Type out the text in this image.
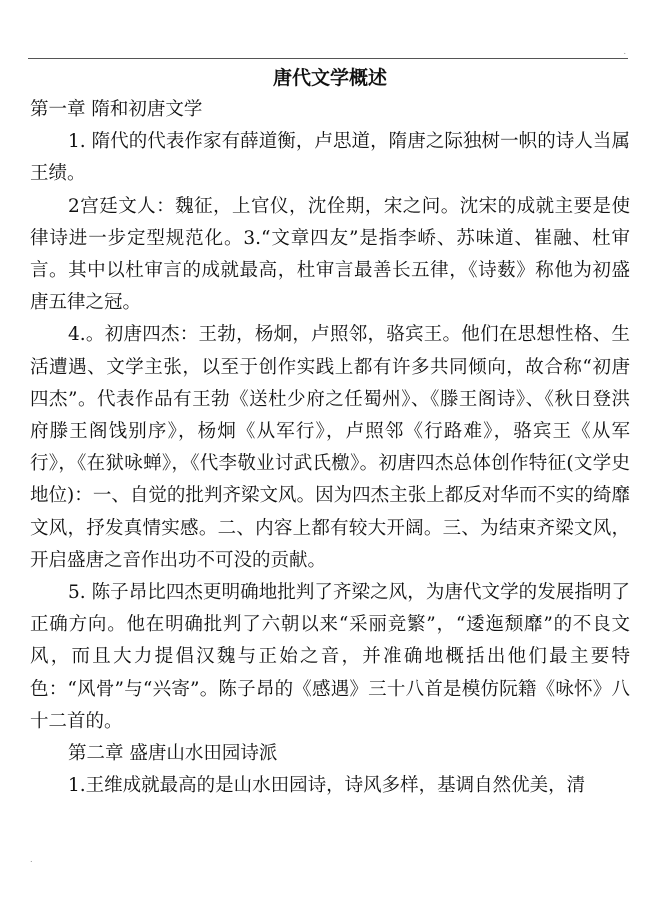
.
唐代文学概述

第一章 隋和初唐文学

1. 隋代的代表作家有薛道衡，卢思道，隋唐之际独树一帜的诗人当属王绩。

2宫廷文人：魏征，上官仪，沈佺期，宋之问。沈宋的成就主要是使律诗进一步定型规范化。3.“文章四友”是指李峤、苏味道、崔融、杜审言。其中以杜审言的成就最高，杜审言最善长五律，《诗薮》称他为初盛唐五律之冠。

4.。初唐四杰：王勃，杨炯，卢照邻，骆宾王。他们在思想性格、生活遭遇、文学主张，以至于创作实践上都有许多共同倾向，故合称“初唐四杰”。代表作品有王勃《送杜少府之任蜀州》、《滕王阁诗》、《秋日登洪府滕王阁饯别序》，杨炯《从军行》，卢照邻《行路难》，骆宾王《从军行》，《在狱咏蝉》，《代李敬业讨武氏檄》。初唐四杰总体创作特征(文学史地位)：一、自觉的批判齐梁文风。因为四杰主张上都反对华而不实的绮靡文风，抒发真情实感。二、内容上都有较大开阔。三、为结束齐梁文风，开启盛唐之音作出功不可没的贡献。

5. 陈子昂比四杰更明确地批判了齐梁之风，为唐代文学的发展指明了正确方向。他在明确批判了六朝以来“采丽竞繁”，“逶迤颓靡”的不良文风，而且大力提倡汉魏与正始之音，并准确地概括出他们最主要特色：“风骨”与“兴寄”。陈子昂的《感遇》三十八首是模仿阮籍《咏怀》八十二首的。

第二章 盛唐山水田园诗派

1.王维成就最高的是山水田园诗，诗风多样，基调自然优美，清

.
